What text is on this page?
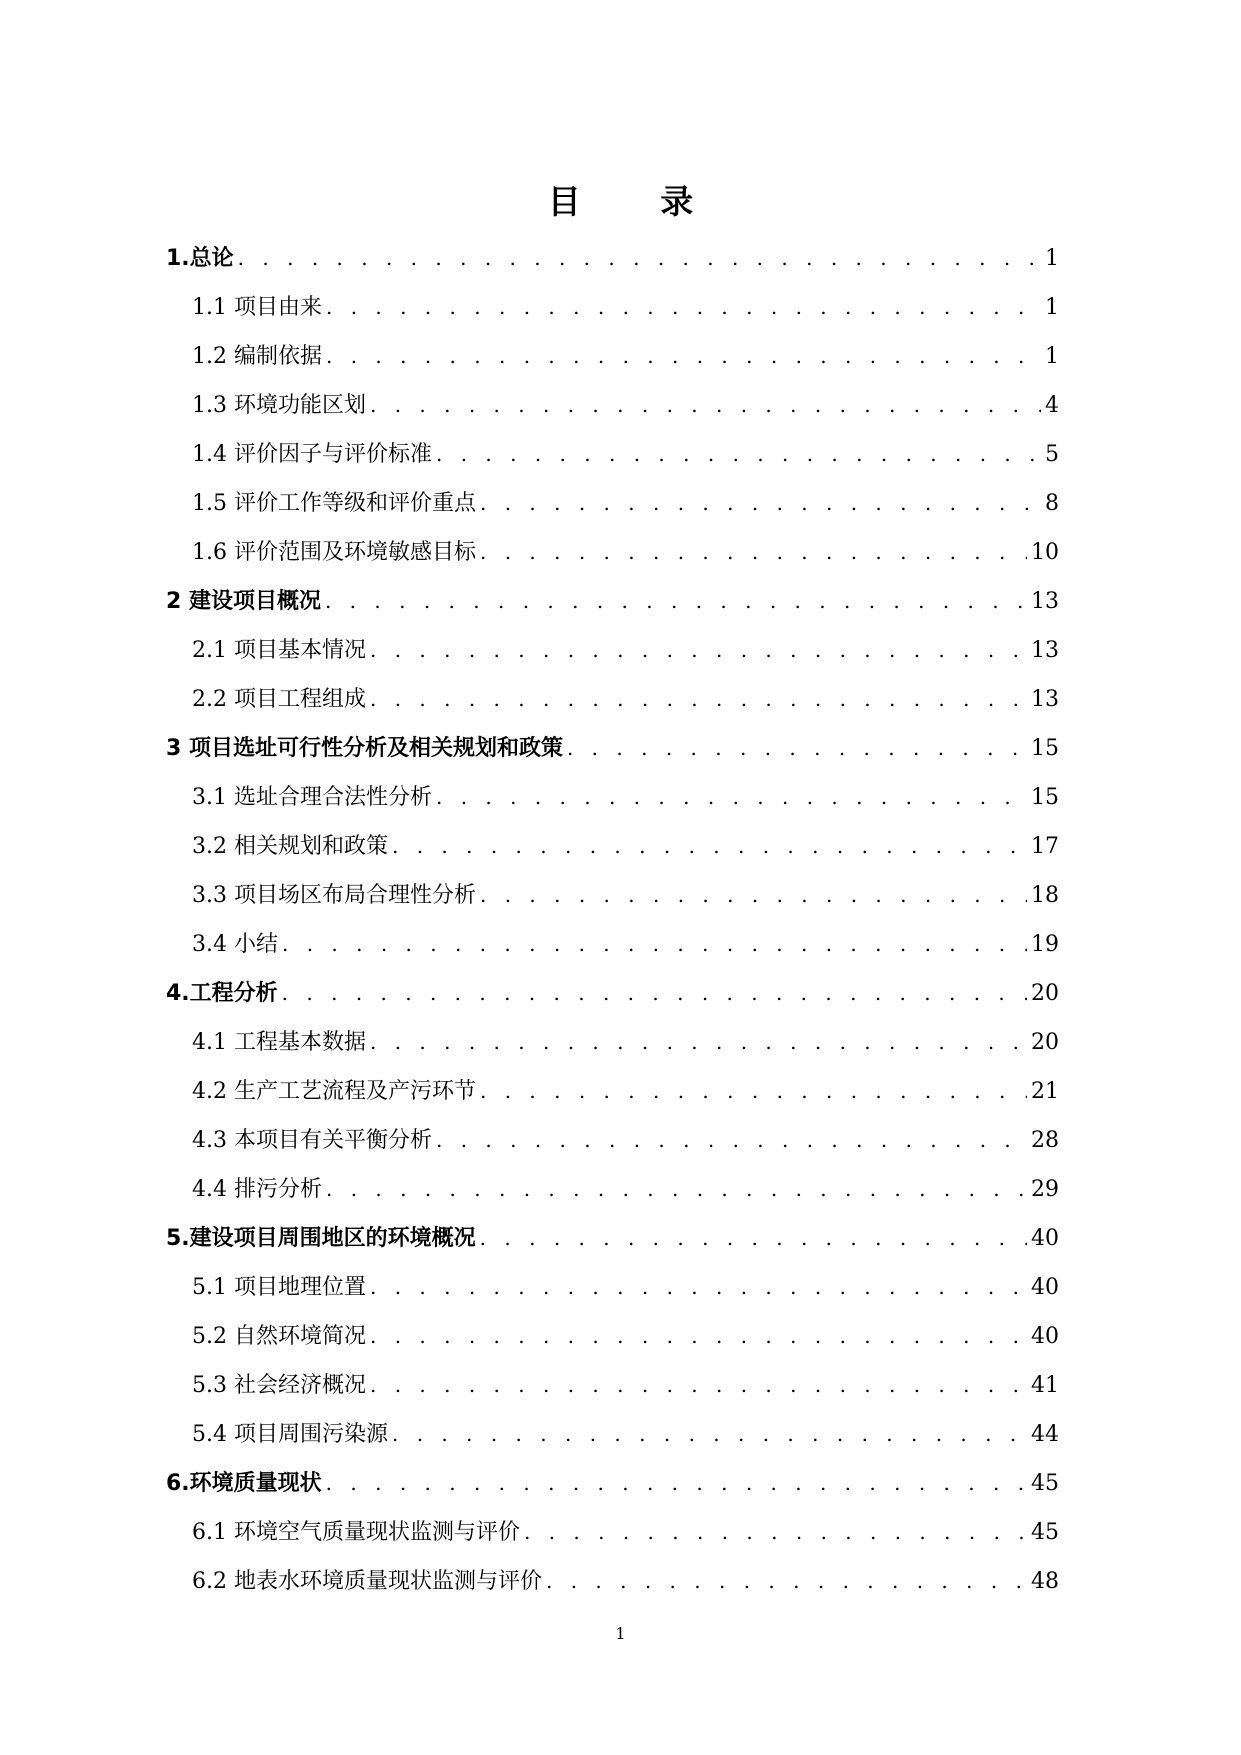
目 录
1.总论 . . .	1
1.1 项目由来 . . .	1
1.2 编制依据 . . .	1
1.3 环境功能区划 . . .	4
1.4 评价因子与评价标准 . . .	5
1.5 评价工作等级和评价重点 . . .	8
1.6 评价范围及环境敏感目标 . . .	10
2 建设项目概况 . . .	13
2.1 项目基本情况 . . .	13
2.2 项目工程组成 . . .	13
3 项目选址可行性分析及相关规划和政策 . . .	15
3.1 选址合理合法性分析 . . .	15
3.2 相关规划和政策 . . .	17
3.3 项目场区布局合理性分析 . . .	18
3.4 小结 . . .	19
4.工程分析 . . .	20
4.1 工程基本数据 . . .	20
4.2 生产工艺流程及产污环节 . . .	21
4.3 本项目有关平衡分析 . . .	28
4.4 排污分析 . . .	29
5.建设项目周围地区的环境概况 . . .	40
5.1 项目地理位置 . . .	40
5.2 自然环境简况 . . .	40
5.3 社会经济概况 . . .	41
5.4 项目周围污染源 . . .	44
6.环境质量现状 . . .	45
6.1 环境空气质量现状监测与评价 . . .	45
6.2 地表水环境质量现状监测与评价 . . .	48
1
